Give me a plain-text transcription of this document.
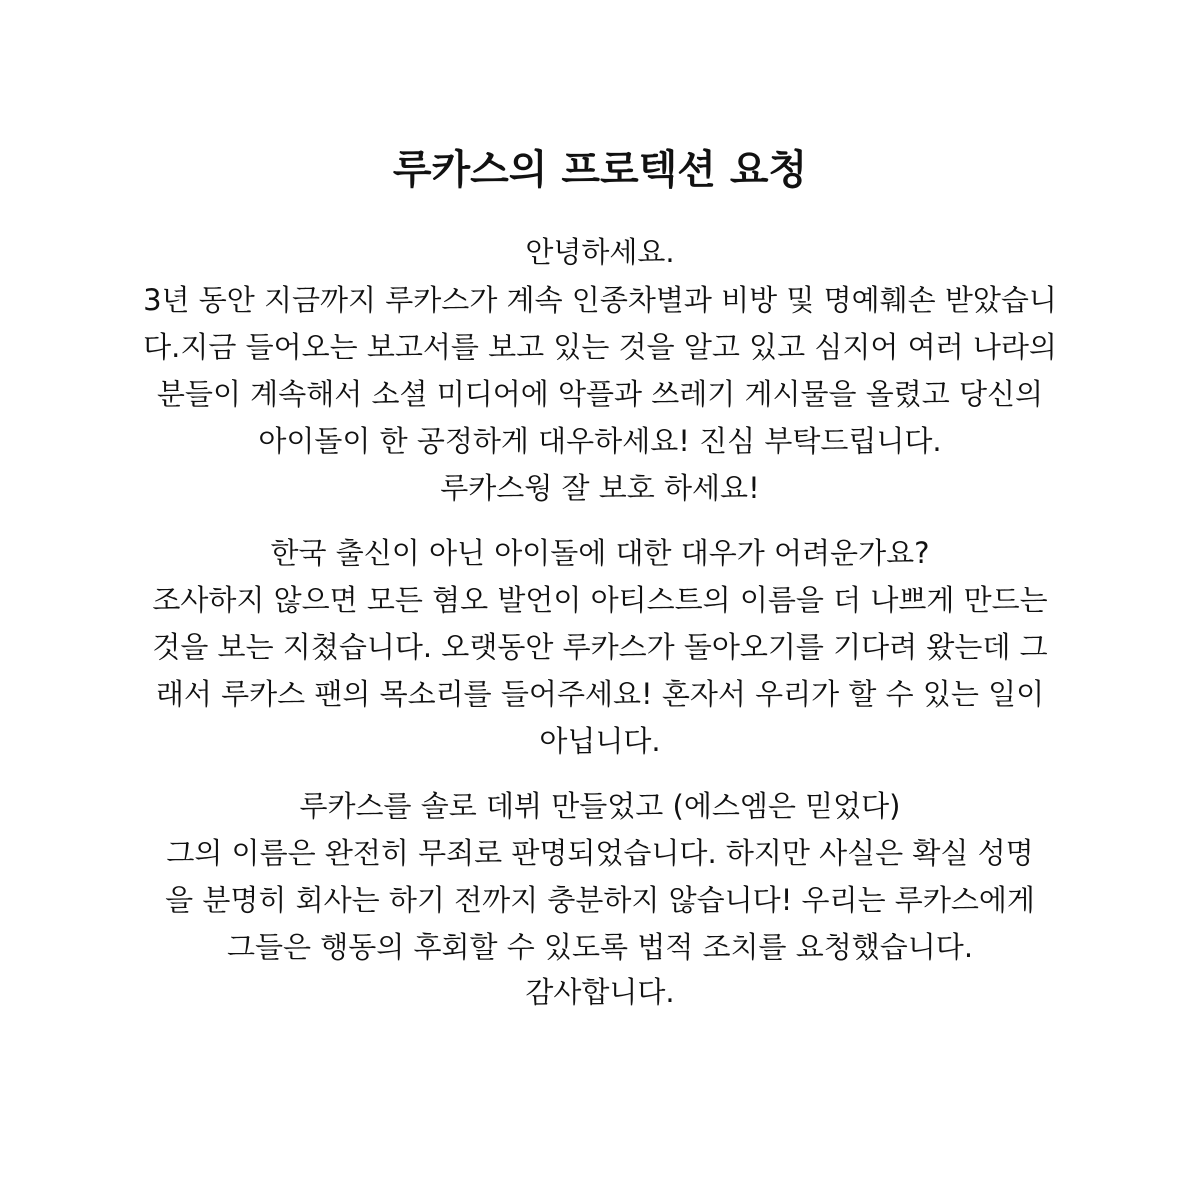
루카스의 프로텍션 요청
안녕하세요.
3년 동안 지금까지 루카스가 계속 인종차별과 비방 및 명예훼손 받았습니
다.지금 들어오는 보고서를 보고 있는 것을 알고 있고 심지어 여러 나라의
분들이 계속해서 소셜 미디어에 악플과 쓰레기 게시물을 올렸고 당신의
아이돌이 한 공정하게 대우하세요! 진심 부탁드립니다.
루카스웡 잘 보호 하세요!
한국 출신이 아닌 아이돌에 대한 대우가 어려운가요?
조사하지 않으면 모든 혐오 발언이 아티스트의 이름을 더 나쁘게 만드는
것을 보는 지쳤습니다. 오랫동안 루카스가 돌아오기를 기다려 왔는데 그
래서 루카스 팬의 목소리를 들어주세요! 혼자서 우리가 할 수 있는 일이
아닙니다.
루카스를 솔로 데뷔 만들었고 (에스엠은 믿었다)
그의 이름은 완전히 무죄로 판명되었습니다. 하지만 사실은 확실 성명
을 분명히 회사는 하기 전까지 충분하지 않습니다! 우리는 루카스에게
그들은 행동의 후회할 수 있도록 법적 조치를 요청했습니다.
감사합니다.
